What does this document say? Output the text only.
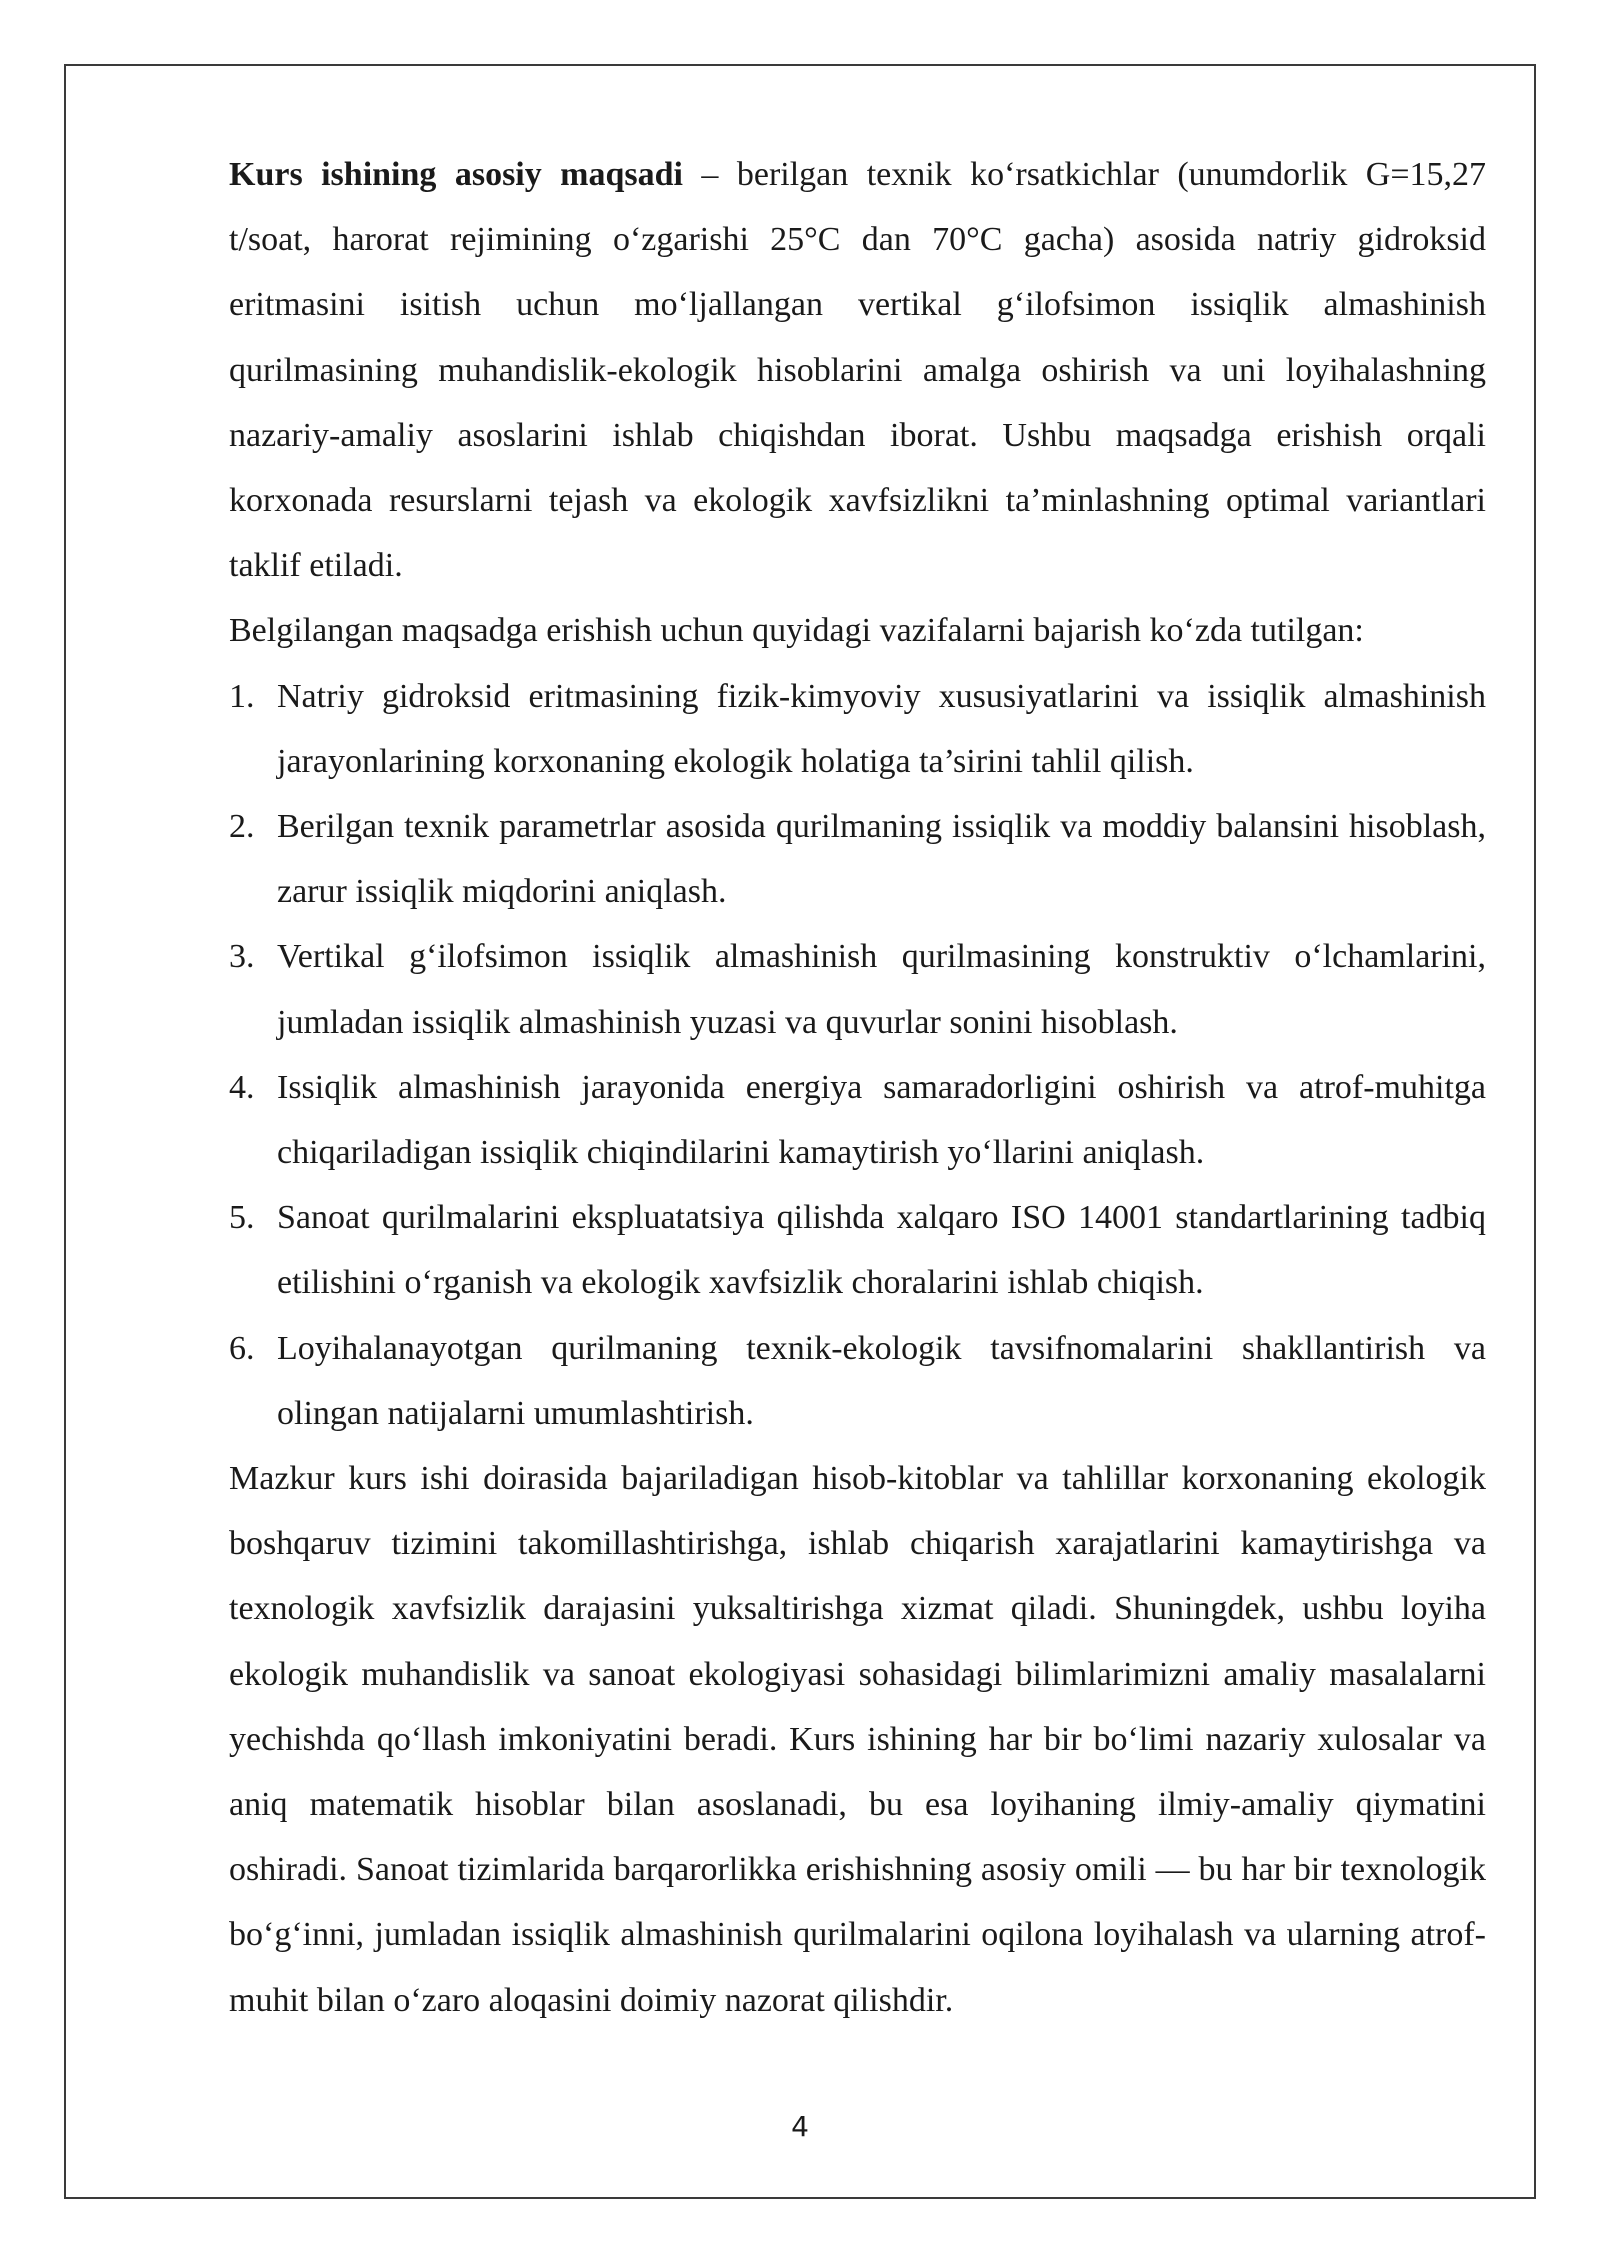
Kurs ishining asosiy maqsadi – berilgan texnik ko‘rsatkichlar (unumdorlik G=15,27 t/soat, harorat rejimining o‘zgarishi 25°C dan 70°C gacha) asosida natriy gidroksid eritmasini isitish uchun mo‘ljallangan vertikal g‘ilofsimon issiqlik almashinish qurilmasining muhandislik-ekologik hisoblarini amalga oshirish va uni loyihalashning nazariy-amaliy asoslarini ishlab chiqishdan iborat. Ushbu maqsadga erishish orqali korxonada resurslarni tejash va ekologik xavfsizlikni ta’minlashning optimal variantlari taklif etiladi.

Belgilangan maqsadga erishish uchun quyidagi vazifalarni bajarish ko‘zda tutilgan:

1. Natriy gidroksid eritmasining fizik-kimyoviy xususiyatlarini va issiqlik almashinish jarayonlarining korxonaning ekologik holatiga ta’sirini tahlil qilish.
2. Berilgan texnik parametrlar asosida qurilmaning issiqlik va moddiy balansini hisoblash, zarur issiqlik miqdorini aniqlash.
3. Vertikal g‘ilofsimon issiqlik almashinish qurilmasining konstruktiv o‘lchamlarini, jumladan issiqlik almashinish yuzasi va quvurlar sonini hisoblash.
4. Issiqlik almashinish jarayonida energiya samaradorligini oshirish va atrof-muhitga chiqariladigan issiqlik chiqindilarini kamaytirish yo‘llarini aniqlash.
5. Sanoat qurilmalarini ekspluatatsiya qilishda xalqaro ISO 14001 standartlarining tadbiq etilishini o‘rganish va ekologik xavfsizlik choralarini ishlab chiqish.
6. Loyihalanayotgan qurilmaning texnik-ekologik tavsifnomalarini shakllantirish va olingan natijalarni umumlashtirish.

Mazkur kurs ishi doirasida bajariladigan hisob-kitoblar va tahlillar korxonaning ekologik boshqaruv tizimini takomillashtirishga, ishlab chiqarish xarajatlarini kamaytirishga va texnologik xavfsizlik darajasini yuksaltirishga xizmat qiladi. Shuningdek, ushbu loyiha ekologik muhandislik va sanoat ekologiyasi sohasidagi bilimlarimizni amaliy masalalarni yechishda qo‘llash imkoniyatini beradi. Kurs ishining har bir bo‘limi nazariy xulosalar va aniq matematik hisoblar bilan asoslanadi, bu esa loyihaning ilmiy-amaliy qiymatini oshiradi. Sanoat tizimlarida barqarorlikka erishishning asosiy omili — bu har bir texnologik bo‘g‘inni, jumladan issiqlik almashinish qurilmalarini oqilona loyihalash va ularning atrof-muhit bilan o‘zaro aloqasini doimiy nazorat qilishdir.

4
